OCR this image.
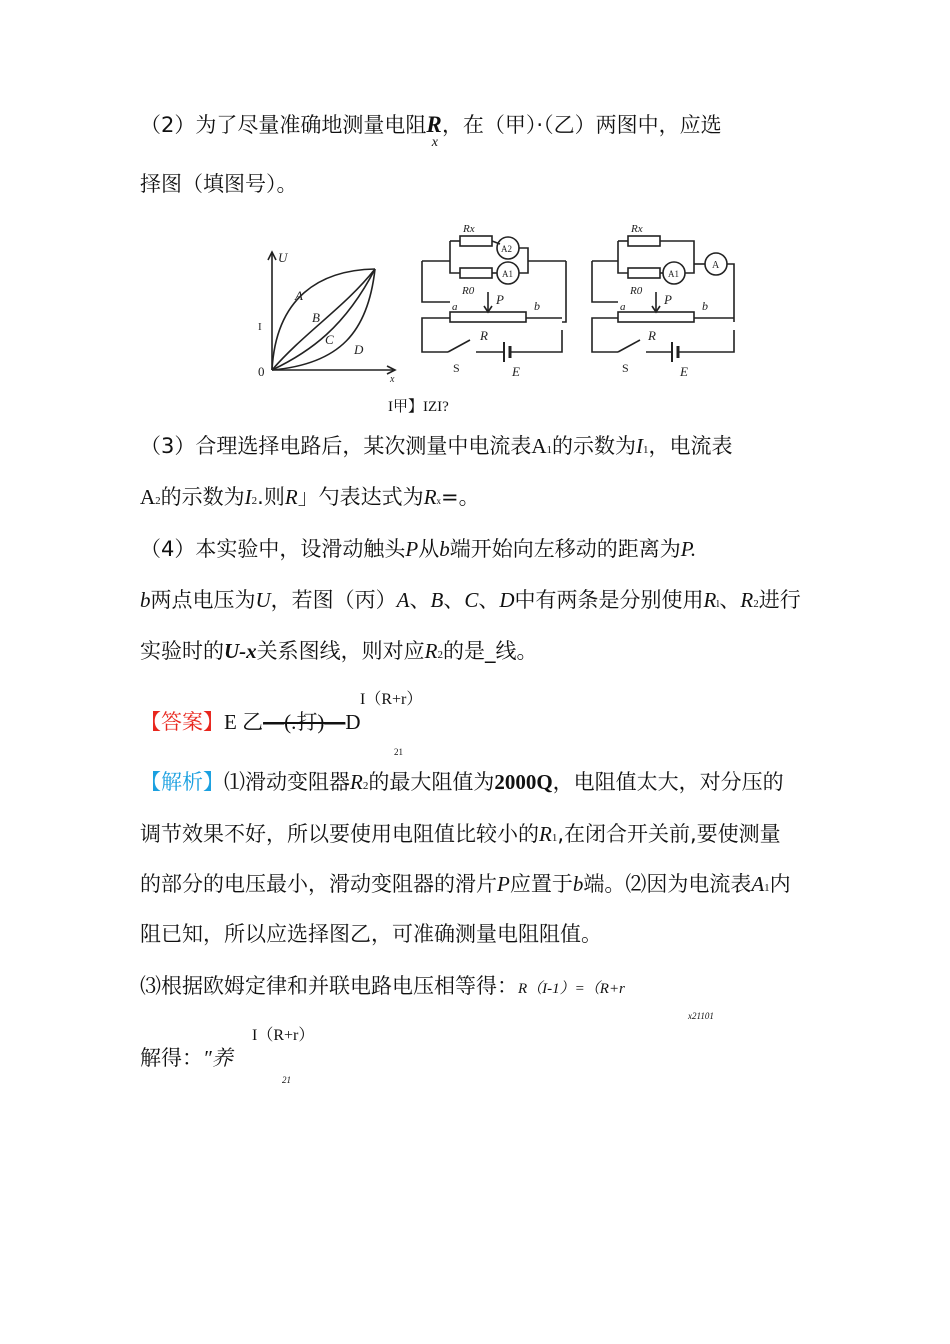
（2）为了尽量准确地测量电阻$R_x$，在（甲）·（乙）两图中，应选
择图（填图号）。
U
x
0
I
A
B
C
D
Rx
A2
A1
R0
a	P	b
R
S	E
Rx
A1
A
R0
a	P	b
R
S	E
I甲】IZI?
（3）合理选择电路后，某次测量中电流表A1的示数为I1，电流表
A2的示数为I2.则R」勺表达式为Rx=。
（4）本实验中，设滑动触头P从b端开始向左移动的距离为P.
b两点电压为U，若图（丙）A、B、C、D中有两条是分别使用Rl、R2进行
实验时的U-x关系图线，则对应R2的是_线。
I（R+r）
【答案】E 乙—(.打)—D
21
【解析】⑴滑动变阻器R2的最大阻值为2000Q，电阻值太大，对分压的
调节效果不好，所以要使用电阻值比较小的R1,在闭合开关前,要使测量
的部分的电压最小，滑动变阻器的滑片P应置于b端。⑵因为电流表A1内
阻已知，所以应选择图乙，可准确测量电阻阻值。
⑶根据欧姆定律和并联电路电压相等得：R（I-1）=（R+r
x21101
I（R+r）
解得：″养
21
